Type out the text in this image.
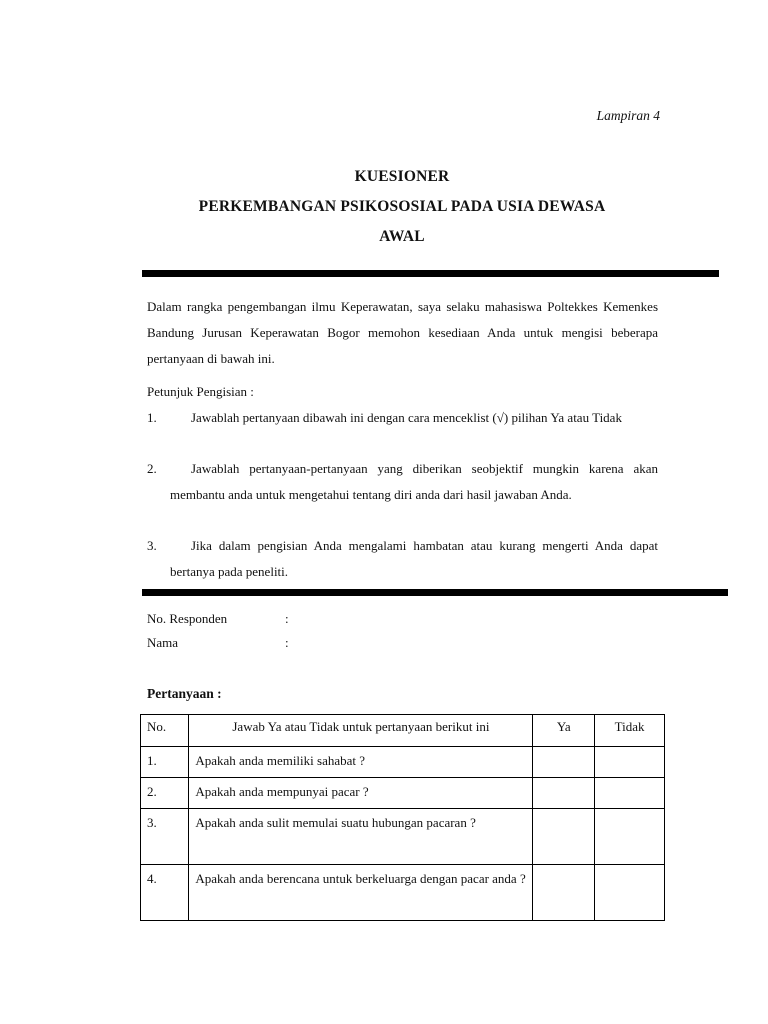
Lampiran 4
KUESIONER
PERKEMBANGAN PSIKOSOSIAL PADA USIA DEWASA
AWAL
Dalam rangka pengembangan ilmu Keperawatan, saya selaku mahasiswa Poltekkes Kemenkes Bandung Jurusan Keperawatan Bogor memohon kesediaan Anda untuk mengisi beberapa pertanyaan di bawah ini.
Petunjuk Pengisian :
1.	Jawablah pertanyaan dibawah ini dengan cara menceklist (√) pilihan Ya atau Tidak
2.	Jawablah pertanyaan-pertanyaan yang diberikan seobjektif mungkin karena akan membantu anda untuk mengetahui tentang diri anda dari hasil jawaban Anda.
3.	Jika dalam pengisian Anda mengalami hambatan atau kurang mengerti Anda dapat bertanya pada peneliti.
No. Responden	:
Nama	:
Pertanyaan :
No.	Jawab Ya atau Tidak untuk pertanyaan berikut ini	Ya	Tidak
1.	Apakah anda memiliki sahabat ?		
2.	Apakah anda mempunyai pacar ?		
3.	Apakah anda sulit memulai suatu hubungan pacaran ?		
4.	Apakah anda berencana untuk berkeluarga dengan pacar anda ?		
